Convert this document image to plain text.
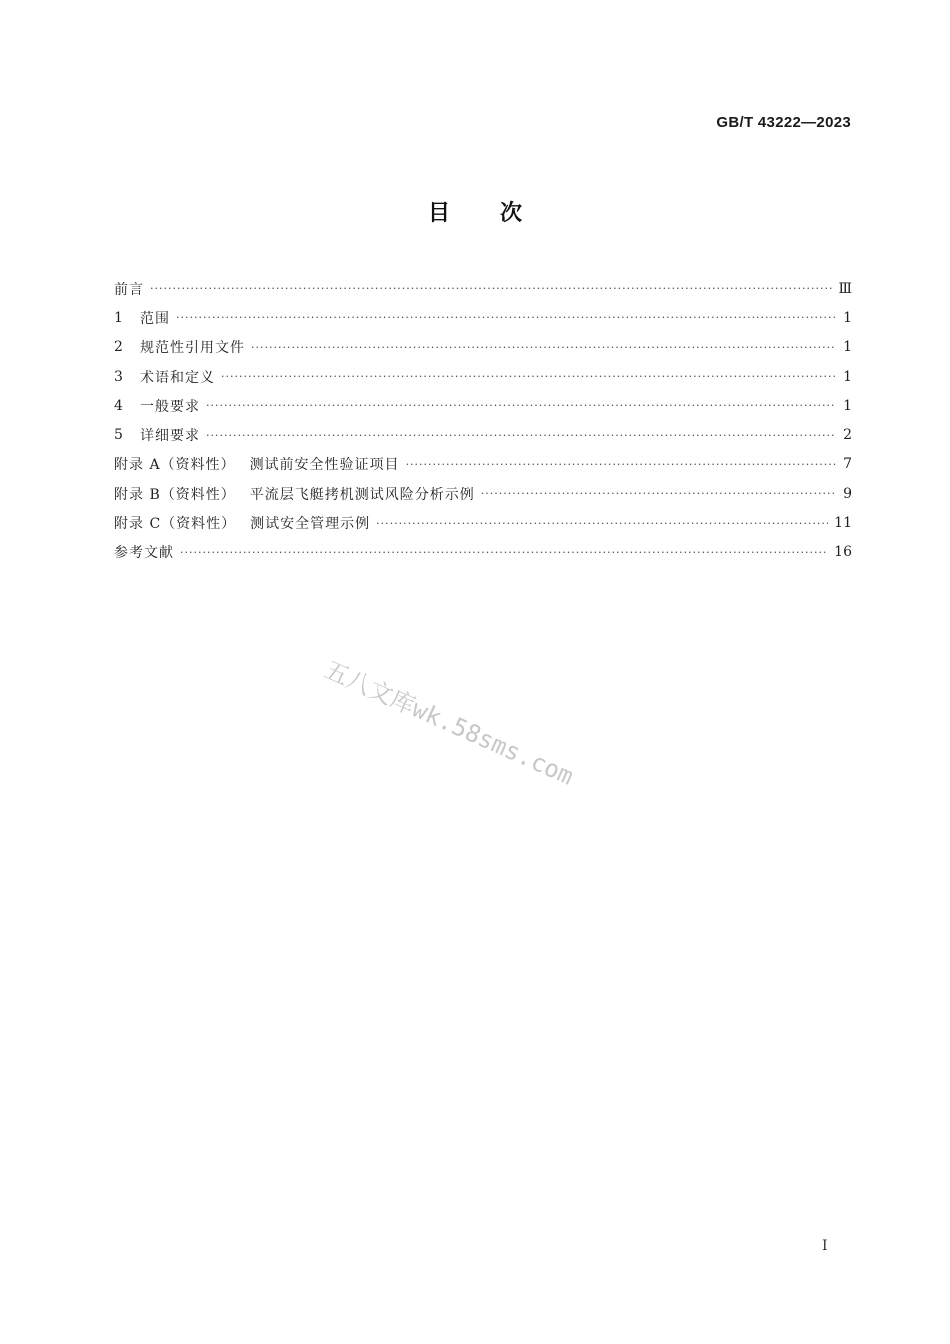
GB/T 43222—2023
目 次
前言 ·····	Ⅲ
1	范围 ·····	1
2	规范性引用文件 ·····	1
3	术语和定义 ·····	1
4	一般要求 ·····	1
5	详细要求 ·····	2
附录 A（资料性） 测试前安全性验证项目 ·····	7
附录 B（资料性） 平流层飞艇拷机测试风险分析示例 ·····	9
附录 C（资料性） 测试安全管理示例 ·····	11
参考文献 ·····	16
五八文库wk.58sms.com
I
